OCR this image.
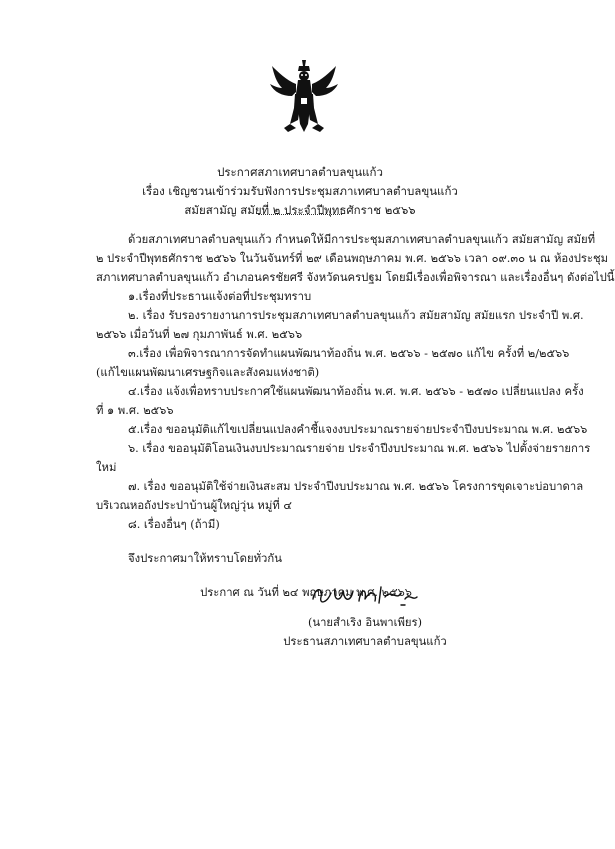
ประกาศสภาเทศบาลตำบลขุนแก้ว
เรื่อง เชิญชวนเข้าร่วมรับฟังการประชุมสภาเทศบาลตำบลขุนแก้ว
สมัยสามัญ สมัยที่ ๒ ประจำปีพุทธศักราช ๒๕๖๖
ด้วยสภาเทศบาลตำบลขุนแก้ว กำหนดให้มีการประชุมสภาเทศบาลตำบลขุนแก้ว สมัยสามัญ สมัยที่
๒ ประจำปีพุทธศักราช ๒๕๖๖ ในวันจันทร์ที่ ๒๙ เดือนพฤษภาคม พ.ศ. ๒๕๖๖ เวลา ๐๙.๓๐ น ณ ห้องประชุม
สภาเทศบาลตำบลขุนแก้ว อำเภอนครชัยศรี จังหวัดนครปฐม โดยมีเรื่องเพื่อพิจารณา และเรื่องอื่นๆ ดังต่อไปนี้
๑.เรื่องที่ประธานแจ้งต่อที่ประชุมทราบ
๒. เรื่อง รับรองรายงานการประชุมสภาเทศบาลตำบลขุนแก้ว สมัยสามัญ สมัยแรก ประจำปี พ.ศ.
๒๕๖๖ เมื่อวันที่ ๒๗ กุมภาพันธ์ พ.ศ. ๒๕๖๖
๓.เรื่อง เพื่อพิจารณาการจัดทำแผนพัฒนาท้องถิ่น พ.ศ. ๒๕๖๖ - ๒๕๗๐ แก้ไข ครั้งที่ ๒/๒๕๖๖
(แก้ไขแผนพัฒนาเศรษฐกิจและสังคมแห่งชาติ)
๔.เรื่อง แจ้งเพื่อทราบประกาศใช้แผนพัฒนาท้องถิ่น พ.ศ. พ.ศ. ๒๕๖๖ - ๒๕๗๐ เปลี่ยนแปลง ครั้ง
ที่ ๑ พ.ศ. ๒๕๖๖
๕.เรื่อง ขออนุมัติแก้ไขเปลี่ยนแปลงคำชี้แจงงบประมาณรายจ่ายประจำปีงบประมาณ พ.ศ. ๒๕๖๖
๖. เรื่อง ขออนุมัติโอนเงินงบประมาณรายจ่าย ประจำปีงบประมาณ พ.ศ. ๒๕๖๖ ไปตั้งจ่ายรายการ
ใหม่
๗. เรื่อง ขออนุมัติใช้จ่ายเงินสะสม ประจำปีงบประมาณ พ.ศ. ๒๕๖๖ โครงการขุดเจาะบ่อบาดาล
บริเวณหอถังประปาบ้านผู้ใหญ่วุ่น หมู่ที่ ๔
๘. เรื่องอื่นๆ (ถ้ามี)
จึงประกาศมาให้ทราบโดยทั่วกัน
ประกาศ ณ วันที่ ๒๔ พฤษภาคม พ.ศ. ๒๕๖๖
(นายสำเริง อินพาเพียร)
ประธานสภาเทศบาลตำบลขุนแก้ว
